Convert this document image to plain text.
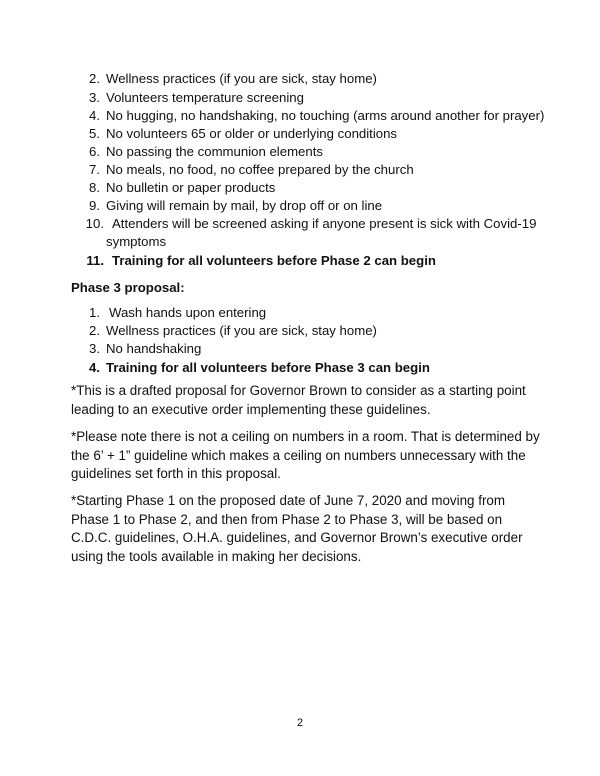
2. Wellness practices (if you are sick, stay home)
3. Volunteers temperature screening
4. No hugging, no handshaking, no touching (arms around another for prayer)
5. No volunteers 65 or older or underlying conditions
6. No passing the communion elements
7. No meals, no food, no coffee prepared by the church
8. No bulletin or paper products
9. Giving will remain by mail, by drop off or on line
10. Attenders will be screened asking if anyone present is sick with Covid-19
symptoms
11. Training for all volunteers before Phase 2 can begin
Phase 3 proposal:
1. Wash hands upon entering
2. Wellness practices (if you are sick, stay home)
3. No handshaking
4. Training for all volunteers before Phase 3 can begin

*This is a drafted proposal for Governor Brown to consider as a starting point leading to an executive order implementing these guidelines.

*Please note there is not a ceiling on numbers in a room. That is determined by the 6’ + 1” guideline which makes a ceiling on numbers unnecessary with the guidelines set forth in this proposal.

*Starting Phase 1 on the proposed date of June 7, 2020 and moving from Phase 1 to Phase 2, and then from Phase 2 to Phase 3, will be based on C.D.C. guidelines, O.H.A. guidelines, and Governor Brown’s executive order using the tools available in making her decisions.

2
